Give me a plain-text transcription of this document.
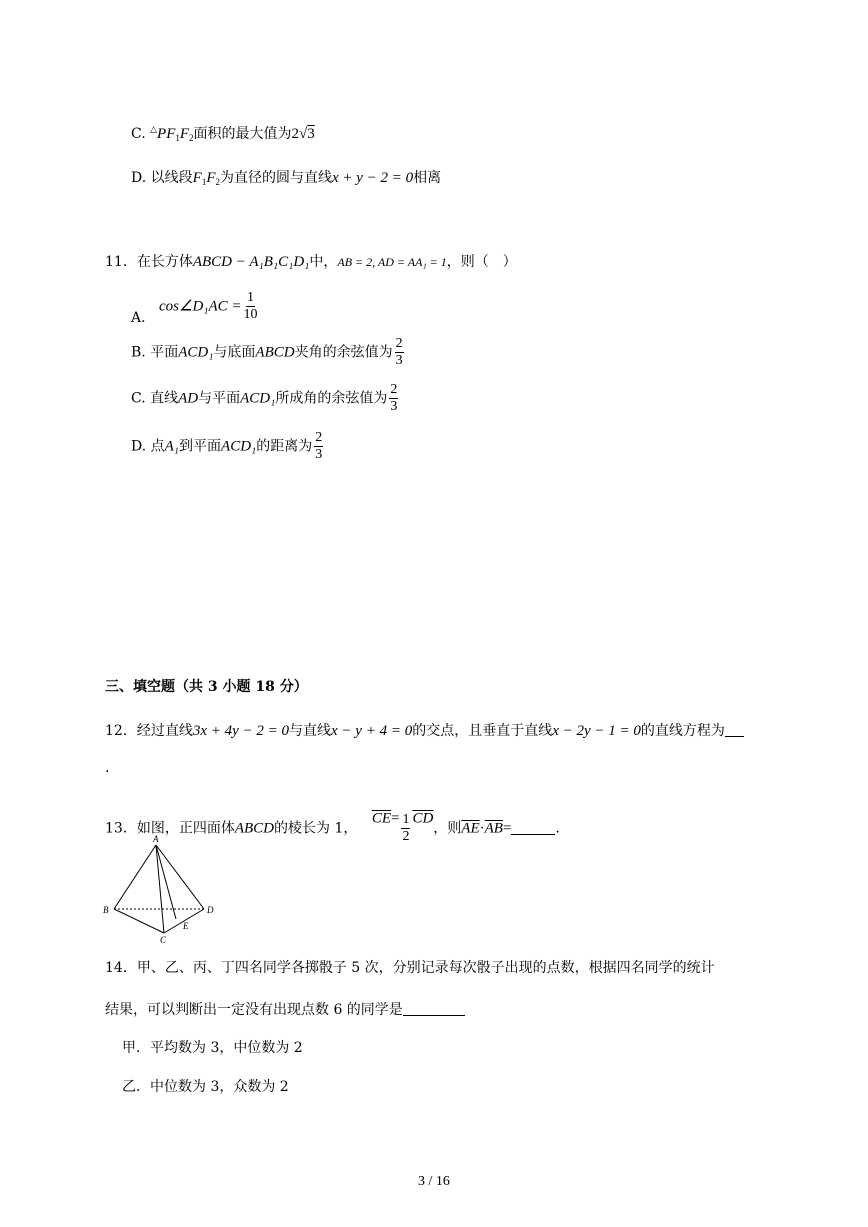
C. $^\triangle PF_1F_2$面积的最大值为2√3
D. 以线段$F_1F_2$为直径的圆与直线x + y − 2 = 0相离
11．在长方体ABCD − A₁B₁C₁D₁中，AB = 2, AD = AA₁ = 1，则（　）
A.
cos∠D₁AC = $\frac{1}{10}$
B. 平面ACD₁与底面ABCD夹角的余弦值为 $\frac{2}{3}$
C. 直线AD与平面ACD₁所成角的余弦值为 $\frac{2}{3}$
D. 点A₁到平面ACD₁的距离为 $\frac{2}{3}$
三、填空题（共 3 小题 18 分）
12．经过直线3x + 4y − 2 = 0与直线x − y + 4 = 0的交点，且垂直于直线x − 2y − 1 = 0的直线方程为
.
13．如图，正四面体ABCD的棱长为 1， $\overline{CE}= \frac{1}{2} \overline{CD}$，则$\overline{AE}\cdot\overline{AB}=$	.
A
B
C
D
E
14．甲、乙、丙、丁四名同学各掷骰子 5 次，分别记录每次骰子出现的点数，根据四名同学的统计
结果，可以判断出一定没有出现点数 6 的同学是
甲．平均数为 3，中位数为 2
乙．中位数为 3，众数为 2
3 / 16
